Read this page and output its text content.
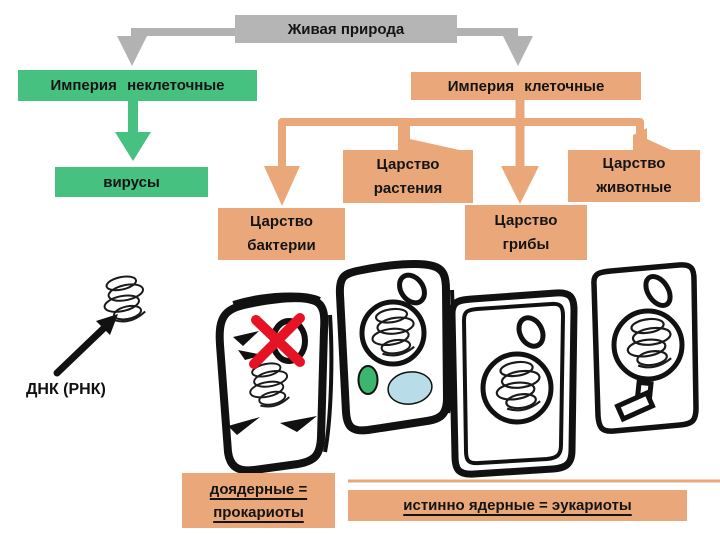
Живая природа
Империя неклеточные
вирусы
Империя клеточные
Царство
растения
Царство
животные
Царство
бактерии
Царство
грибы
ДНК (РНК)
доядерные =
прокариоты	истинно ядерные = эукариоты
